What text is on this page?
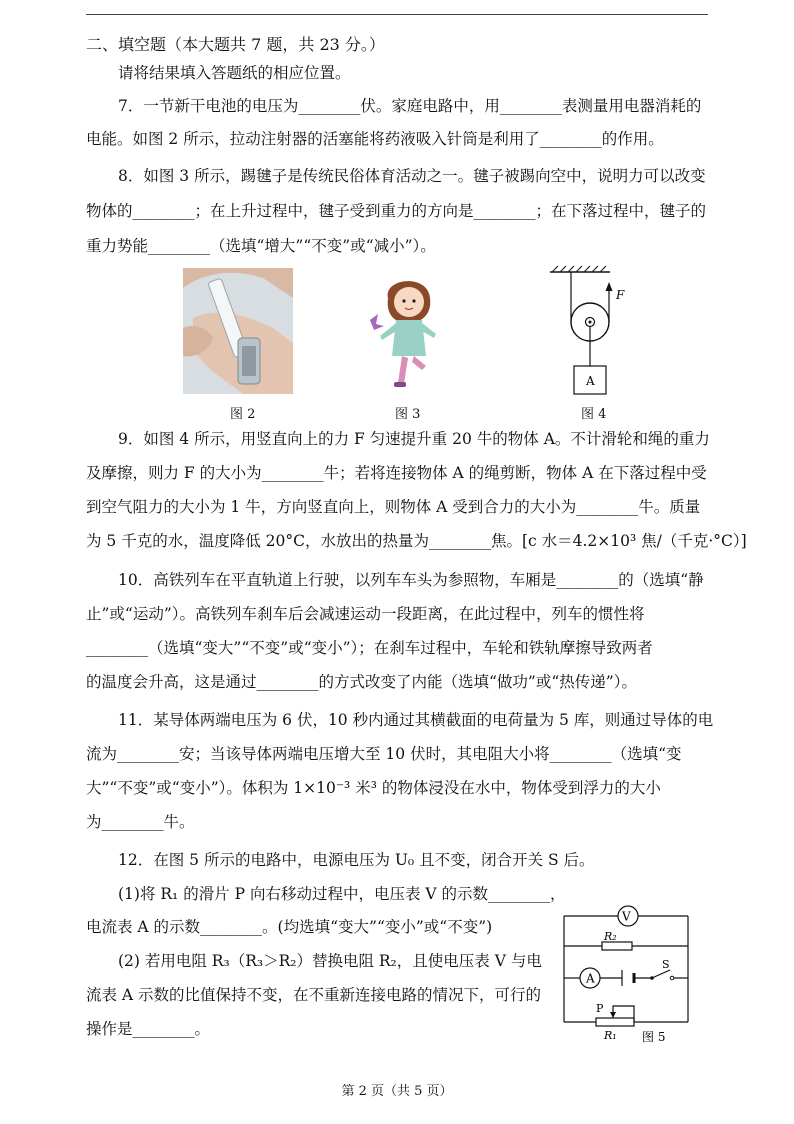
二、填空题（本大题共 7 题，共 23 分。）
请将结果填入答题纸的相应位置。
7．一节新干电池的电压为________伏。家庭电路中，用________表测量用电器消耗的
电能。如图 2 所示，拉动注射器的活塞能将药液吸入针筒是利用了________的作用。
8．如图 3 所示，踢毽子是传统民俗体育活动之一。毽子被踢向空中，说明力可以改变
物体的________；在上升过程中，毽子受到重力的方向是________；在下落过程中，毽子的
重力势能________（选填“增大”“不变”或“减小”）。
图 2	图 3
F
A
图 4
9．如图 4 所示，用竖直向上的力 F 匀速提升重 20 牛的物体 A。不计滑轮和绳的重力
及摩擦，则力 F 的大小为________牛；若将连接物体 A 的绳剪断，物体 A 在下落过程中受
到空气阻力的大小为 1 牛，方向竖直向上，则物体 A 受到合力的大小为________牛。质量
为 5 千克的水，温度降低 20°C，水放出的热量为________焦。[c 水＝4.2×10³ 焦/（千克·°C）]
10．高铁列车在平直轨道上行驶，以列车车头为参照物，车厢是________的（选填“静
止”或“运动”）。高铁列车刹车后会减速运动一段距离，在此过程中，列车的惯性将
________（选填“变大”“不变”或“变小”）；在刹车过程中，车轮和铁轨摩擦导致两者
的温度会升高，这是通过________的方式改变了内能（选填“做功”或“热传递”）。
11．某导体两端电压为 6 伏，10 秒内通过其横截面的电荷量为 5 库，则通过导体的电
流为________安；当该导体两端电压增大至 10 伏时，其电阻大小将________（选填“变
大”“不变”或“变小”）。体积为 1×10⁻³ 米³ 的物体浸没在水中，物体受到浮力的大小
为________牛。
12．在图 5 所示的电路中，电源电压为 U₀ 且不变，闭合开关 S 后。
(1)将 R₁ 的滑片 P 向右移动过程中，电压表 V 的示数________，
电流表 A 的示数________。(均选填“变大”“变小”或“不变”)
(2) 若用电阻 R₃（R₃＞R₂）替换电阻 R₂，且使电压表 V 与电
流表 A 示数的比值保持不变，在不重新连接电路的情况下，可行的
操作是________。
V
A
R₂
S
P
R₁ 图 5
第 2 页（共 5 页）
